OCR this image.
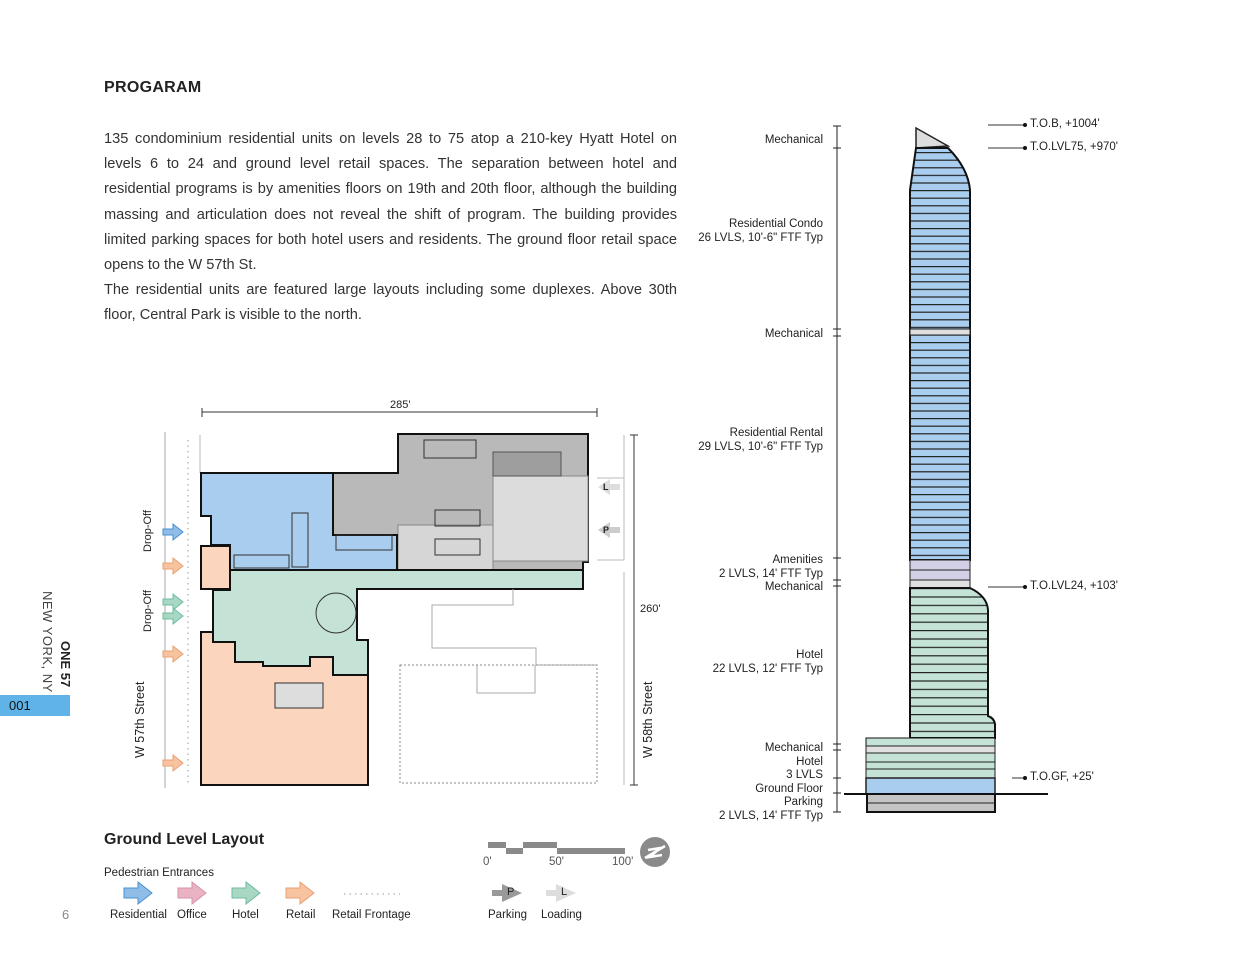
PROGARAM

135 condominium residential units on levels 28 to 75 atop a 210-key Hyatt Hotel on levels 6 to 24 and ground level retail spaces. The separation between hotel and residential programs is by amenities floors on 19th and 20th floor, although the building massing and articulation does not reveal the shift of program. The building provides limited parking spaces for both hotel users and residents. The ground floor retail space opens to the W 57th St.

The residential units are featured large layouts including some duplexes. Above 30th floor, Central Park is visible to the north.

ONE 57
NEW YORK, NY
001
6
285'
260'
W 57th Street	W 58th Street
Drop-Off
Drop-Off
L
P
Ground Level Layout
Pedestrian Entrances
Residential Office Hotel Retail Retail Frontage	Parking Loading
P	L
0'	50'	100'
Mechanical
Residential Condo
26 LVLS, 10'-6" FTF Typ
Mechanical
Residential Rental
29 LVLS, 10'-6" FTF Typ
Amenities
2 LVLS, 14' FTF Typ
Mechanical
Hotel
22 LVLS, 12' FTF Typ
Mechanical
Hotel
3 LVLS
Ground Floor
Parking
2 LVLS, 14' FTF Typ
T.O.B, +1004'
T.O.LVL75, +970'
T.O.LVL24, +103'
T.O.GF, +25'
